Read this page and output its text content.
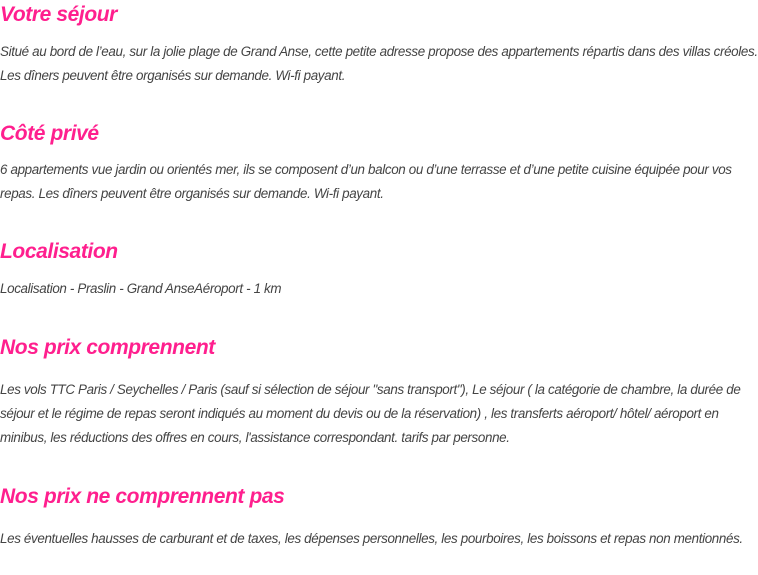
Votre séjour

Situé au bord de l’eau, sur la jolie plage de Grand Anse, cette petite adresse propose des appartements répartis dans des villas créoles. Les dîners peuvent être organisés sur demande. Wi-fi payant.

Côté privé

6 appartements vue jardin ou orientés mer, ils se composent d’un balcon ou d’une terrasse et d’une petite cuisine équipée pour vos repas. Les dîners peuvent être organisés sur demande. Wi-fi payant.

Localisation

Localisation - Praslin - Grand AnseAéroport - 1 km

Nos prix comprennent

Les vols TTC Paris / Seychelles / Paris (sauf si sélection de séjour "sans transport"), Le séjour ( la catégorie de chambre, la durée de séjour et le régime de repas seront indiqués au moment du devis ou de la réservation) , les transferts aéroport/ hôtel/ aéroport en minibus, les réductions des offres en cours, l'assistance correspondant. tarifs par personne.

Nos prix ne comprennent pas

Les éventuelles hausses de carburant et de taxes, les dépenses personnelles, les pourboires, les boissons et repas non mentionnés.
